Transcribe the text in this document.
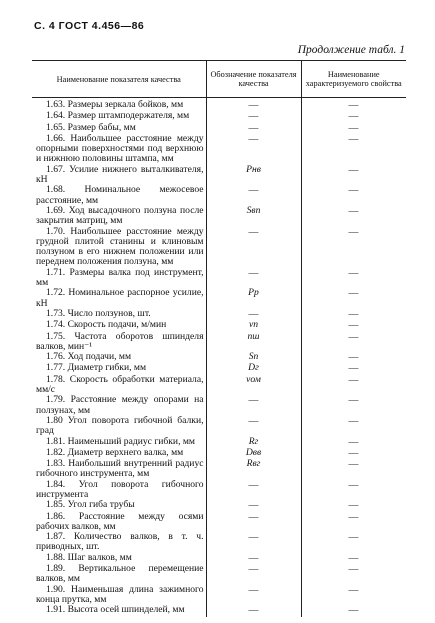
С. 4 ГОСТ 4.456—86
Продолжение табл. 1
Наименование показателя качества	Обозначение показателя качества	Наименование характеризуемого свойства
1.63. Размеры зеркала бойков, мм	—	—
1.64. Размер штамподержателя, мм	—	—
1.65. Размер бабы, мм	—	—
1.66. Наибольшее расстояние между опорными поверхностями под верхнюю и нижнюю половины штампа, мм	—	—
1.67. Усилие нижнего выталкивателя, кН	Pнв	—
1.68. Номинальное межосевое расстояние, мм	—	—
1.69. Ход высадочного ползуна после закрытия матриц, мм	Sвп	—
1.70. Наибольшее расстояние между грудной плитой станины и клиновым ползуном в его нижнем положении или переднем положения ползуна, мм	—	—
1.71. Размеры валка под инструмент, мм	—	—
1.72. Номинальное распорное усилие, кН	Pр	—
1.73. Число ползунов, шт.	—	—
1.74. Скорость подачи, м/мин	vп	—
1.75. Частота оборотов шпинделя валков, мин⁻¹	nш	—
1.76. Ход подачи, мм	Sп	—
1.77. Диаметр гибки, мм	Dг	—
1.78. Скорость обработки материала, мм/с	vом	—
1.79. Расстояние между опорами на ползунах, мм	—	—
1.80 Угол поворота гибочной балки, град	—	—
1.81. Наименьший радиус гибки, мм	Rг	—
1.82. Диаметр верхнего валка, мм	Dвв	—
1.83. Наибольший внутренний радиус гибочного инструмента, мм	Rвг	—
1.84. Угол поворота гибочного инструмента	—	—
1.85. Угол гиба трубы	—	—
1.86. Расстояние между осями рабочих валков, мм	—	—
1.87. Количество валков, в т. ч. приводных, шт.	—	—
1.88. Шаг валков, мм	—	—
1.89. Вертикальное перемещение валков, мм	—	—
1.90. Наименьшая длина зажимного конца прутка, мм	—	—
1.91. Высота осей шпинделей, мм	—	—
